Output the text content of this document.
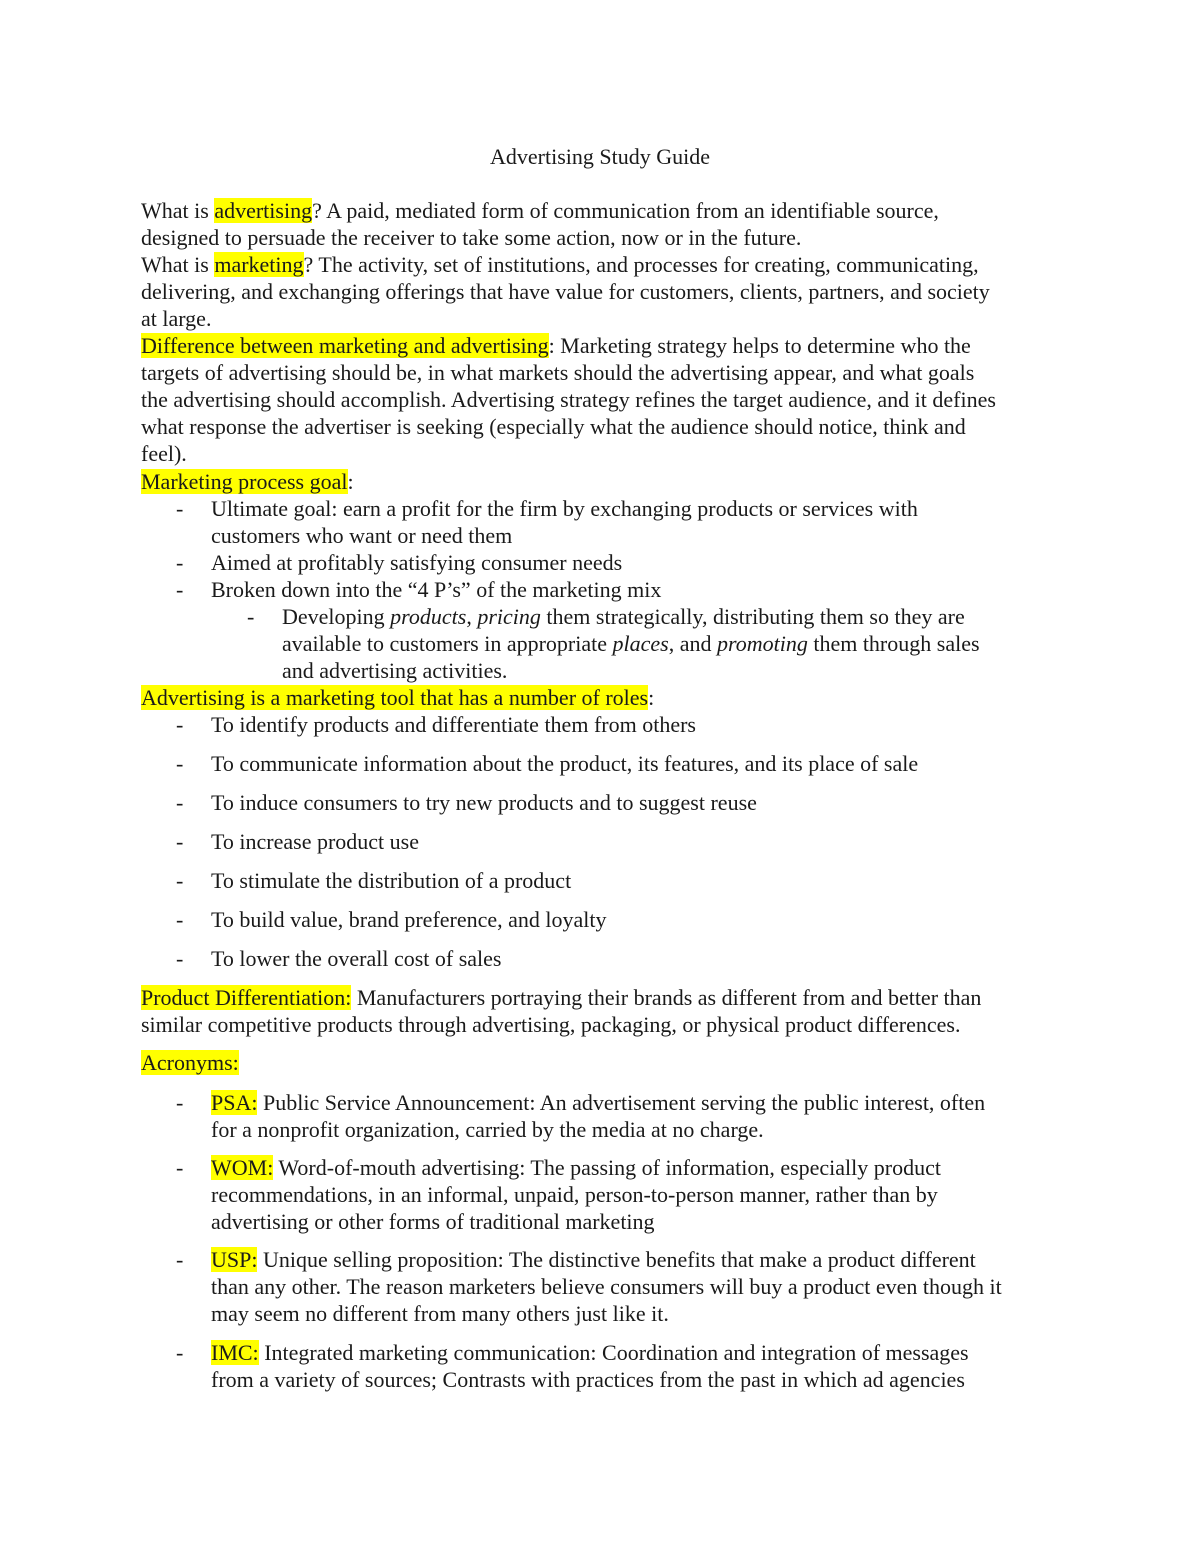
Advertising Study Guide
What is advertising? A paid, mediated form of communication from an identifiable source,
designed to persuade the receiver to take some action, now or in the future.
What is marketing? The activity, set of institutions, and processes for creating, communicating,
delivering, and exchanging offerings that have value for customers, clients, partners, and society
at large.
Difference between marketing and advertising: Marketing strategy helps to determine who the
targets of advertising should be, in what markets should the advertising appear, and what goals
the advertising should accomplish. Advertising strategy refines the target audience, and it defines
what response the advertiser is seeking (especially what the audience should notice, think and
feel).
Marketing process goal:
- Ultimate goal: earn a profit for the firm by exchanging products or services with
customers who want or need them
- Aimed at profitably satisfying consumer needs
- Broken down into the “4 P’s” of the marketing mix
- Developing products, pricing them strategically, distributing them so they are
available to customers in appropriate places, and promoting them through sales
and advertising activities.
Advertising is a marketing tool that has a number of roles:
- To identify products and differentiate them from others
- To communicate information about the product, its features, and its place of sale
- To induce consumers to try new products and to suggest reuse
- To increase product use
- To stimulate the distribution of a product
- To build value, brand preference, and loyalty
- To lower the overall cost of sales
Product Differentiation: Manufacturers portraying their brands as different from and better than
similar competitive products through advertising, packaging, or physical product differences.
Acronyms:
- PSA: Public Service Announcement: An advertisement serving the public interest, often
for a nonprofit organization, carried by the media at no charge.
- WOM: Word-of-mouth advertising: The passing of information, especially product
recommendations, in an informal, unpaid, person-to-person manner, rather than by
advertising or other forms of traditional marketing
- USP: Unique selling proposition: The distinctive benefits that make a product different
than any other. The reason marketers believe consumers will buy a product even though it
may seem no different from many others just like it.
- IMC: Integrated marketing communication: Coordination and integration of messages
from a variety of sources; Contrasts with practices from the past in which ad agencies
